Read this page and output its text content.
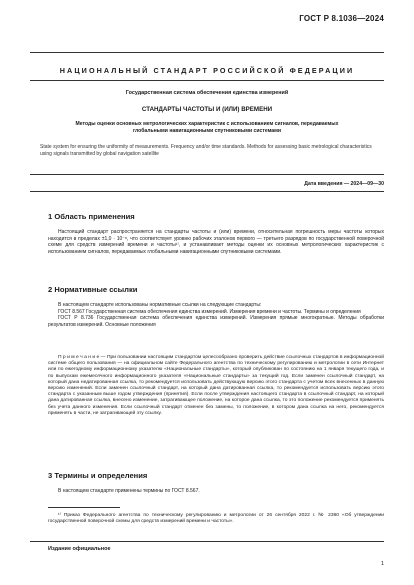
ГОСТ Р 8.1036—2024
НАЦИОНАЛЬНЫЙ СТАНДАРТ РОССИЙСКОЙ ФЕДЕРАЦИИ
Государственная система обеспечения единства измерений
СТАНДАРТЫ ЧАСТОТЫ И (ИЛИ) ВРЕМЕНИ
Методы оценки основных метрологических характеристик с использованием сигналов, передаваемых глобальными навигационными спутниковыми системами
State system for ensuring the uniformity of measurements. Frequency and/or time standards. Methods for assessing basic metrological characteristics using signals transmitted by global navigation satellite
Дата введения — 2024—09—30
1 Область применения
Настоящий стандарт распространяется на стандарты частоты и (или) времени, относительная погрешность меры частоты которых находится в пределах ±1,0 · 10⁻⁸, что соответствует уровню рабочих эталонов первого — третьего разрядов по государственной поверочной схеме для средств измерений времени и частоты¹⁾, и устанавливает методы оценки их основных метрологических характеристик с использованием сигналов, передаваемых глобальными навигационными спутниковыми системами.
2 Нормативные ссылки
В настоящем стандарте использованы нормативные ссылки на следующие стандарты:
ГОСТ 8.567 Государственная система обеспечения единства измерений. Измерения времени и частоты. Термины и определения
ГОСТ Р 8.736 Государственная система обеспечения единства измерений. Измерения прямые многократные. Методы обработки результатов измерений. Основные положения
П р и м е ч а н и е — При пользовании настоящим стандартом целесообразно проверить действие ссылочных стандартов в информационной системе общего пользования — на официальном сайте Федерального агентства по техническому регулированию и метрологии в сети Интернет или по ежегодному информационному указателю «Национальные стандарты», который опубликован по состоянию на 1 января текущего года, и по выпускам ежемесячного информационного указателя «Национальные стандарты» за текущий год. Если заменен ссылочный стандарт, на который дана недатированная ссылка, то рекомендуется использовать действующую версию этого стандарта с учетом всех внесенных в данную версию изменений. Если заменен ссылочный стандарт, на который дана датированная ссылка, то рекомендуется использовать версию этого стандарта с указанным выше годом утверждения (принятия). Если после утверждения настоящего стандарта в ссылочный стандарт, на который дана датированная ссылка, внесено изменение, затрагивающее положение, на которое дана ссылка, то это положение рекомендуется применять без учета данного изменения. Если ссылочный стандарт отменен без замены, то положение, в котором дана ссылка на него, рекомендуется применять в части, не затрагивающей эту ссылку.
3 Термины и определения
В настоящем стандарте применены термины по ГОСТ 8.567.
¹⁾ Приказ Федерального агентства по техническому регулированию и метрологии от 26 сентября 2022 г. № 2360 «Об утверждении государственной поверочной схемы для средств измерений времени и частоты».
Издание официальное
1
